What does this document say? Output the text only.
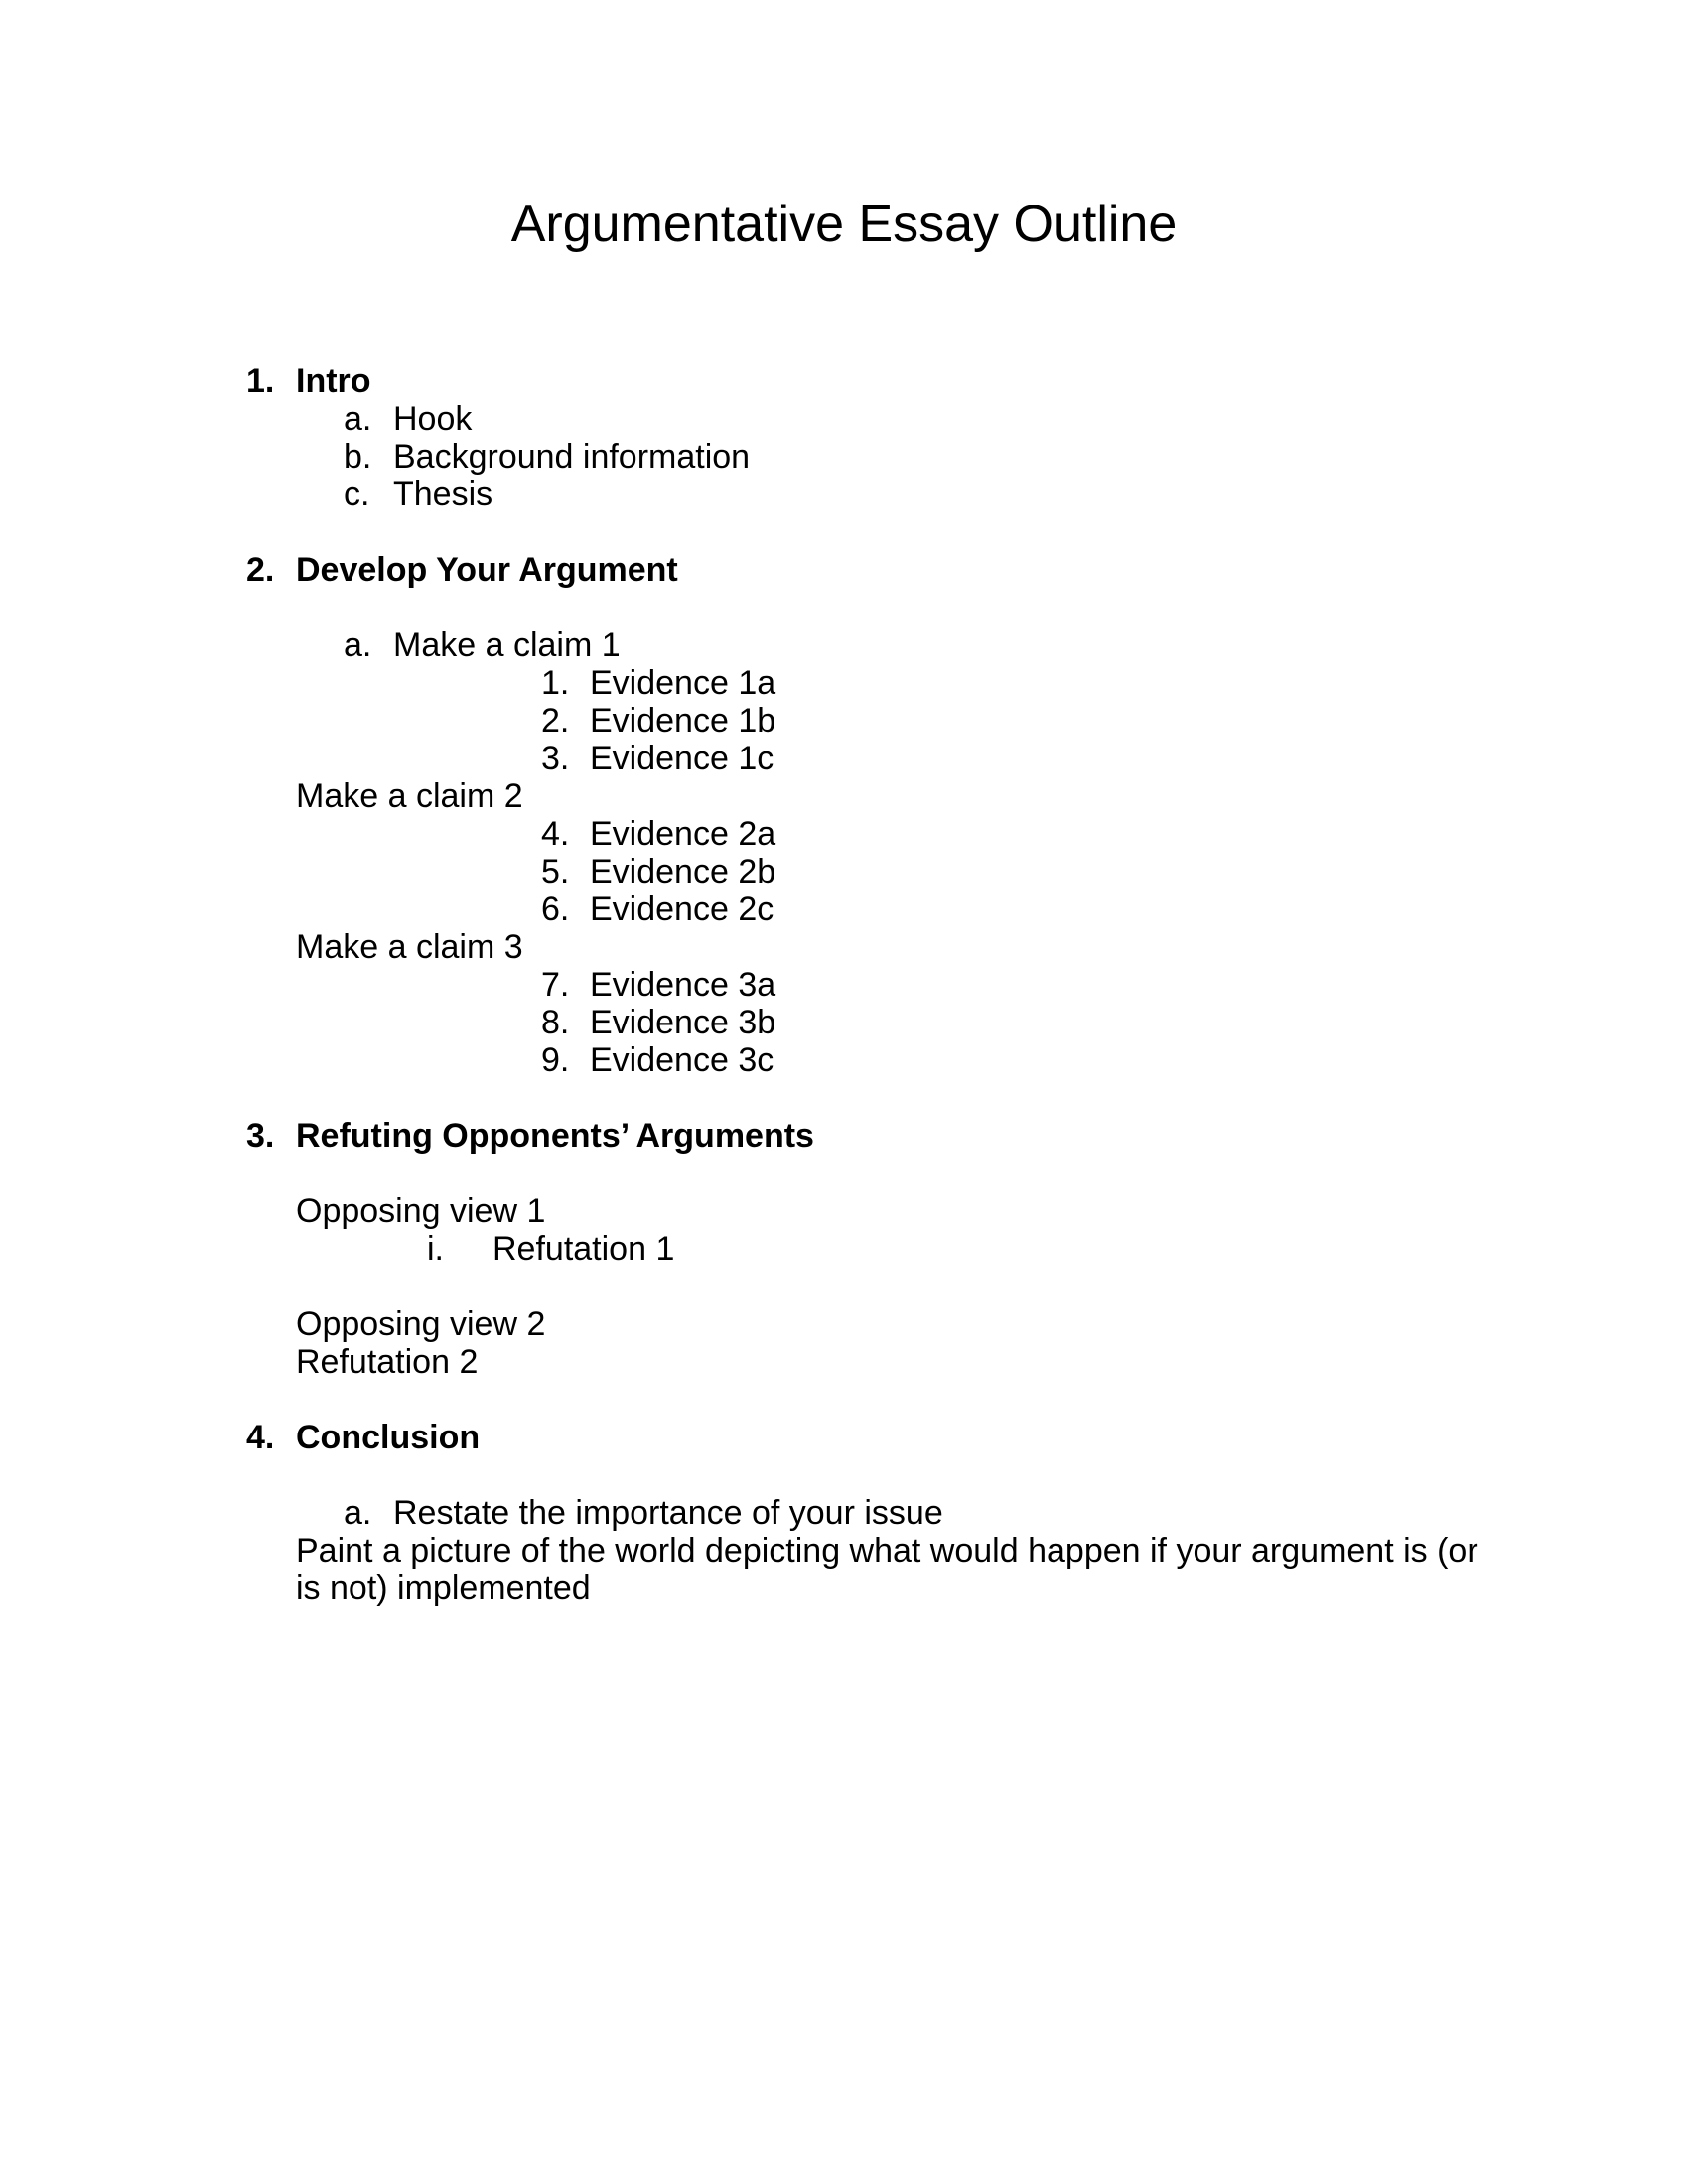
Argumentative Essay Outline
1. Intro
a. Hook
b. Background information
c. Thesis
2. Develop Your Argument
a. Make a claim 1
1. Evidence 1a
2. Evidence 1b
3. Evidence 1c
Make a claim 2
4. Evidence 2a
5. Evidence 2b
6. Evidence 2c
Make a claim 3
7. Evidence 3a
8. Evidence 3b
9. Evidence 3c
3. Refuting Opponents’ Arguments
Opposing view 1
i. Refutation 1
Opposing view 2
Refutation 2
4. Conclusion
a. Restate the importance of your issue
Paint a picture of the world depicting what would happen if your argument is (or
is not) implemented
